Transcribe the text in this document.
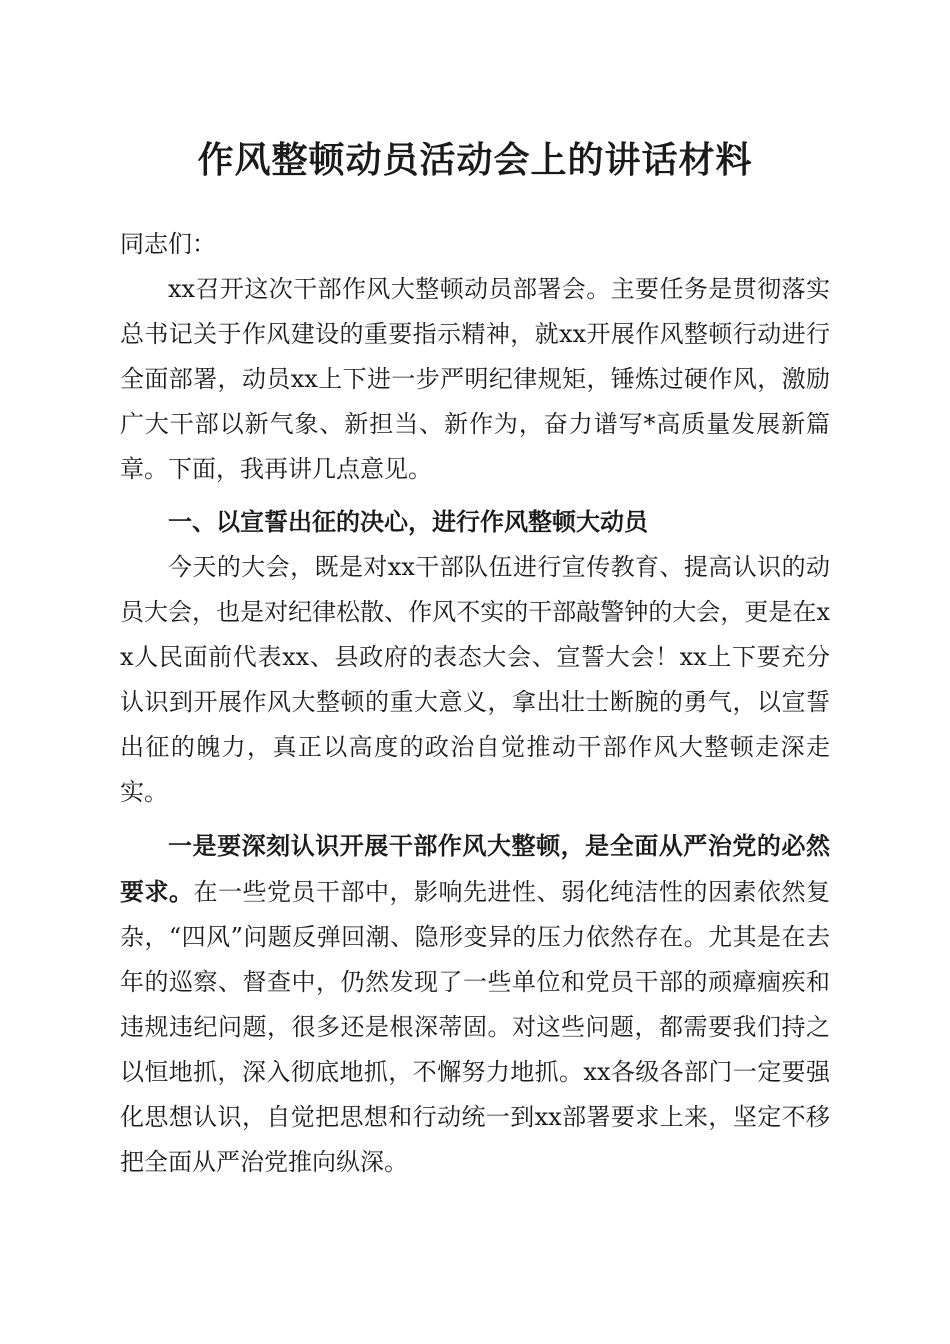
作风整顿动员活动会上的讲话材料

同志们：

xx召开这次干部作风大整顿动员部署会。主要任务是贯彻落实总书记关于作风建设的重要指示精神，就xx开展作风整顿行动进行全面部署，动员xx上下进一步严明纪律规矩，锤炼过硬作风，激励广大干部以新气象、新担当、新作为，奋力谱写*高质量发展新篇章。下面，我再讲几点意见。

一、以宣誓出征的决心，进行作风整顿大动员

今天的大会，既是对xx干部队伍进行宣传教育、提高认识的动员大会，也是对纪律松散、作风不实的干部敲警钟的大会，更是在xx人民面前代表xx、县政府的表态大会、宣誓大会！xx上下要充分认识到开展作风大整顿的重大意义，拿出壮士断腕的勇气，以宣誓出征的魄力，真正以高度的政治自觉推动干部作风大整顿走深走实。

一是要深刻认识开展干部作风大整顿，是全面从严治党的必然要求。在一些党员干部中，影响先进性、弱化纯洁性的因素依然复杂，“四风”问题反弹回潮、隐形变异的压力依然存在。尤其是在去年的巡察、督查中，仍然发现了一些单位和党员干部的顽瘴痼疾和违规违纪问题，很多还是根深蒂固。对这些问题，都需要我们持之以恒地抓，深入彻底地抓，不懈努力地抓。xx各级各部门一定要强化思想认识，自觉把思想和行动统一到xx部署要求上来，坚定不移把全面从严治党推向纵深。
